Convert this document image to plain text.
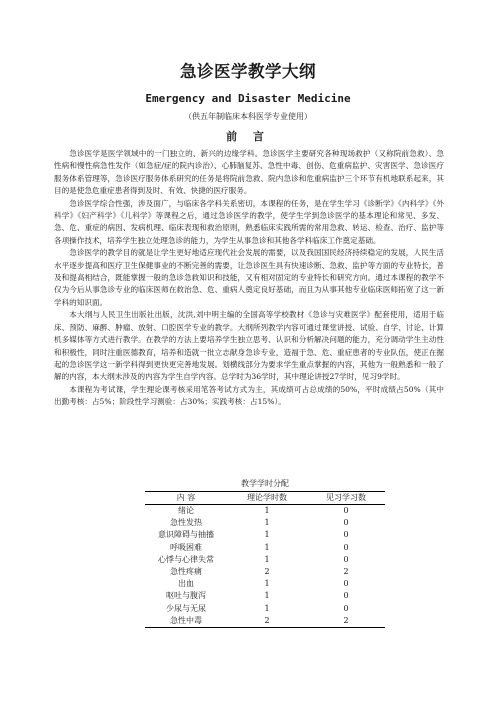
急诊医学教学大纲
Emergency and Disaster Medicine
（供五年制临床本科医学专业使用）
前 言

急诊医学是医学领域中的一门独立的、新兴的边缘学科。急诊医学主要研究各种现场救护（又称院前急救）、急性病和慢性病急性发作（如急症/症的院内诊治）、心肺脑复苏、急性中毒、创伤、危重病监护、灾害医学、急诊医疗服务体系管理等，急诊医疗服务体系研究的任务是将院前急救、院内急诊和危重病监护三个环节有机地联系起来，其目的是使急危重症患者得到及时、有效、快捷的医疗服务。

急诊医学综合性强，涉及面广，与临床各学科关系密切，本课程的任务，是在学生学习《诊断学》《内科学》《外科学》《妇产科学》《儿科学》等课程之后，通过急诊医学的教学，使学生学到急诊医学的基本理论和常见、多发、急、危、重症的病因、发病机理、临床表现和救治原则，熟悉临床实践所需的常用急救、转运、检查、治疗、监护等各项操作技术，培养学生独立处理急诊的能力，为学生从事急诊和其他各学科临床工作奠定基础。

急诊医学的教学目的就是让学生更好地适应现代社会发展的需要，以及我国国民经济持续稳定的发展，人民生活水平逐步提高和医疗卫生保健事业的不断完善的需要，让急诊医生具有快速诊断、急救、监护等方面的专业特长，普及和提高相结合，既能掌握一般的急诊急救知识和技能，又有相对固定的专业特长和研究方向。通过本课程的教学不仅为今后从事急诊专业的临床医师在救治急、危、重病人奠定良好基础，而且为从事其他专业临床医师拓宽了这一新学科的知识面。

本大纲与人民卫生出版社出版，沈洪,刘中明主编的全国高等学校教材《急诊与灾难医学》配套使用，适用于临床、预防、麻醉、肿瘤、放射、口腔医学专业的教学。大纲所列教学内容可通过课堂讲授、试验、自学、讨论、计算机多媒体等方式进行教学。在教学的方法上要培养学生独立思考、认识和分析解决问题的能力，充分调动学生主动性和积极性，同时注重医德教育，培养和造就一批立志献身急诊专业，造福于急、危、重症患者的专业队伍，使正在掘起的急诊医学这一新学科得到更快更完善地发展。划横线部分为要求学生重点掌握的内容，其他为一般熟悉和一般了解的内容，本大纲未涉及的内容为学生自学内容。总学时为36学时，其中理论讲授27学时，见习9学时。

本课程为考试课，学生理论课考核采用笔答考试方式为主，其成绩可占总成绩的50%，平时成绩占50%（其中出勤考核：占5%；阶段性学习测验：占30%；实践考核：占15%）。

教学学时分配
内 容	理论学时数	见习学习数
绪论	1	0
急性发热	1	0
意识障碍与抽搐	1	0
呼吸困难	1	0
心悸与心律失常	1	0
急性疼痛	2	2
出血	1	0
呕吐与腹泻	1	0
少尿与无尿	1	0
急性中毒	2	2
